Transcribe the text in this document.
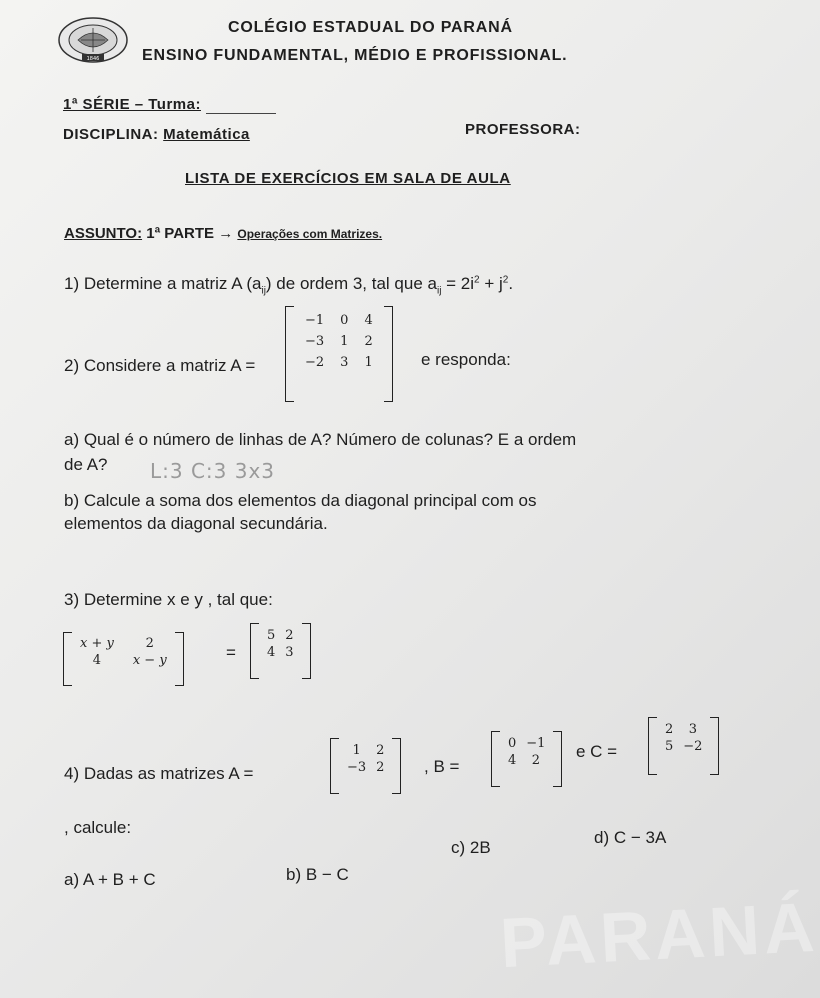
PARANÁ
1846
COLÉGIO ESTADUAL DO PARANÁ
ENSINO FUNDAMENTAL, MÉDIO E PROFISSIONAL.
1ª SÉRIE – Turma:
DISCIPLINA: Matemática	PROFESSORA:
LISTA DE EXERCÍCIOS EM SALA DE AULA
ASSUNTO: 1ª PARTE → Operações com Matrizes.
1) Determine a matriz A $(a_{ij})$ de ordem 3, tal que $a_{ij} = 2i^2 + j^2$.
2) Considere a matriz A =
−1	0	4
−3	1	2
−2	3	1	e responda:
a) Qual é o número de linhas de A? Número de colunas? E a ordem
de A? L:3 C:3 3x3
b) Calcule a soma dos elementos da diagonal principal com os
elementos da diagonal secundária.
3) Determine x e y , tal que:
x + y	2
4	x − y	=
5	2
4	3
4) Dadas as matrizes A =
1	2
−3	2 , B =
0	−1
4	2 e C =
2	3
5	−2
, calcule:
a) A + B + C	b) B − C
c) 2B
d) C − 3A
